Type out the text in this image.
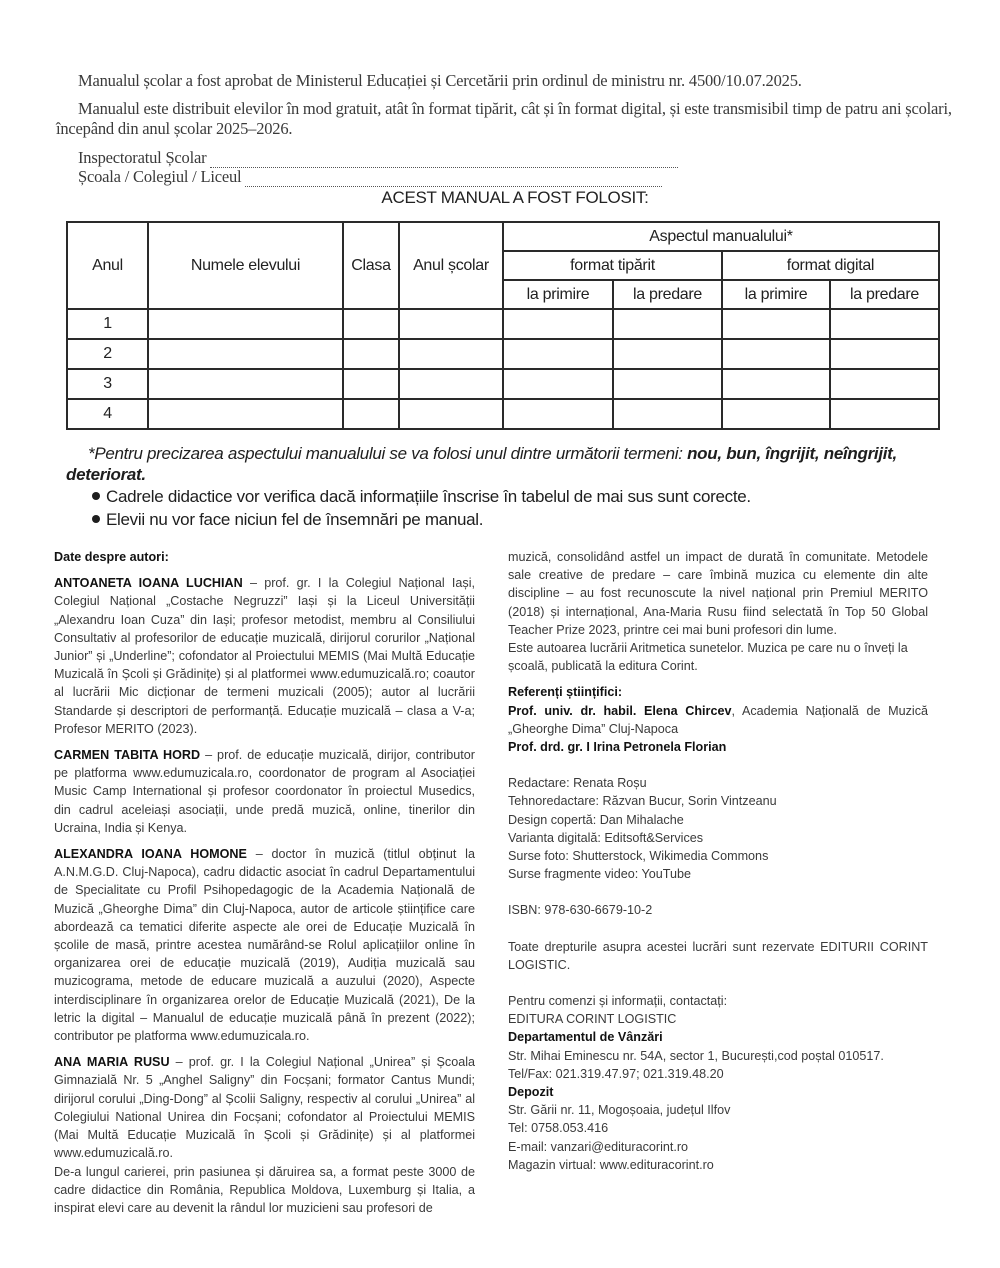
Manualul școlar a fost aprobat de Ministerul Educației și Cercetării prin ordinul de ministru nr. 4500/10.07.2025.

Manualul este distribuit elevilor în mod gratuit, atât în format tipărit, cât și în format digital, și este transmisibil timp de patru ani școlari, începând din anul școlar 2025–2026.

Inspectoratul Școlar
Școala / Colegiul / Liceul
ACEST MANUAL A FOST FOLOSIT:
Anul	Numele elevului	Clasa	Anul școlar	Aspectul manualului*			
				format tipărit		format digital	
				la primire	la predare	la primire	la predare
1							
2							
3							
4							

*Pentru precizarea aspectului manualului se va folosi unul dintre următorii termeni: nou, bun, îngrijit, neîngrijit, deteriorat.

Cadrele didactice vor verifica dacă informațiile înscrise în tabelul de mai sus sunt corecte.
Elevii nu vor face niciun fel de însemnări pe manual.

Date despre autori:

ANTOANETA IOANA LUCHIAN – prof. gr. I la Colegiul Național Iași, Colegiul Național „Costache Negruzzi” Iași și la Liceul Universității „Alexandru Ioan Cuza” din Iași; profesor metodist, membru al Consiliului Consultativ al profesorilor de educație muzicală, dirijorul corurilor „Național Junior” și „Underline”; cofondator al Proiectului MEMIS (Mai Multă Educație Muzicală în Școli și Grădinițe) și al platformei www.edumuzicală.ro; coautor al lucrării Mic dicționar de termeni muzicali (2005); autor al lucrării Standarde și descriptori de performanță. Educație muzicală – clasa a V-a; Profesor MERITO (2023).

CARMEN TABITA HORD – prof. de educație muzicală, dirijor, contributor pe platforma www.edumuzicala.ro, coordonator de program al Asociației Music Camp International și profesor coordonator în proiectul Musedics, din cadrul aceleiași asociații, unde predă muzică, online, tinerilor din Ucraina, India și Kenya.

ALEXANDRA IOANA HOMONE – doctor în muzică (titlul obținut la A.N.M.G.D. Cluj-Napoca), cadru didactic asociat în cadrul Departamentului de Specialitate cu Profil Psihopedagogic de la Academia Națională de Muzică „Gheorghe Dima” din Cluj-Napoca, autor de articole științifice care abordează ca tematici diferite aspecte ale orei de Educație Muzicală în școlile de masă, printre acestea numărând-se Rolul aplicațiilor online în organizarea orei de educație muzicală (2019), Audiția muzicală sau muzicograma, metode de educare muzicală a auzului (2020), Aspecte interdisciplinare în organizarea orelor de Educație Muzicală (2021), De la letric la digital – Manualul de educație muzicală până în prezent (2022); contributor pe platforma www.edumuzicala.ro.

ANA MARIA RUSU – prof. gr. I la Colegiul Național „Unirea” și Școala Gimnazială Nr. 5 „Anghel Saligny” din Focșani; formator Cantus Mundi; dirijorul corului „Ding-Dong” al Școlii Saligny, respectiv al corului „Unirea” al Colegiului National Unirea din Focșani; cofondator al Proiectului MEMIS (Mai Multă Educație Muzicală în Școli și Grădinițe) și al platformei www.edumuzicală.ro.

De-a lungul carierei, prin pasiunea și dăruirea sa, a format peste 3000 de cadre didactice din România, Republica Moldova, Luxemburg și Italia, a inspirat elevi care au devenit la rândul lor muzicieni sau profesori de

muzică, consolidând astfel un impact de durată în comunitate. Metodele sale creative de predare – care îmbină muzica cu elemente din alte discipline – au fost recunoscute la nivel național prin Premiul MERITO (2018) și internațional, Ana-Maria Rusu fiind selectată în Top 50 Global Teacher Prize 2023, printre cei mai buni profesori din lume.

Este autoarea lucrării Aritmetica sunetelor. Muzica pe care nu o înveți la școală, publicată la editura Corint.

Referenți științifici:

Prof. univ. dr. habil. Elena Chircev, Academia Națională de Muzică „Gheorghe Dima” Cluj-Napoca

Prof. drd. gr. I Irina Petronela Florian

Redactare: Renata Roșu

Tehnoredactare: Răzvan Bucur, Sorin Vintzeanu

Design copertă: Dan Mihalache

Varianta digitală: Editsoft&Services

Surse foto: Shutterstock, Wikimedia Commons

Surse fragmente video: YouTube

ISBN: 978-630-6679-10-2

Toate drepturile asupra acestei lucrări sunt rezervate EDITURII CORINT LOGISTIC.

Pentru comenzi și informații, contactați:

EDITURA CORINT LOGISTIC

Departamentul de Vânzări

Str. Mihai Eminescu nr. 54A, sector 1, București,cod poștal 010517.

Tel/Fax: 021.319.47.97; 021.319.48.20

Depozit

Str. Gării nr. 11, Mogoșoaia, județul Ilfov

Tel: 0758.053.416

E-mail: vanzari@edituracorint.ro

Magazin virtual: www.edituracorint.ro
